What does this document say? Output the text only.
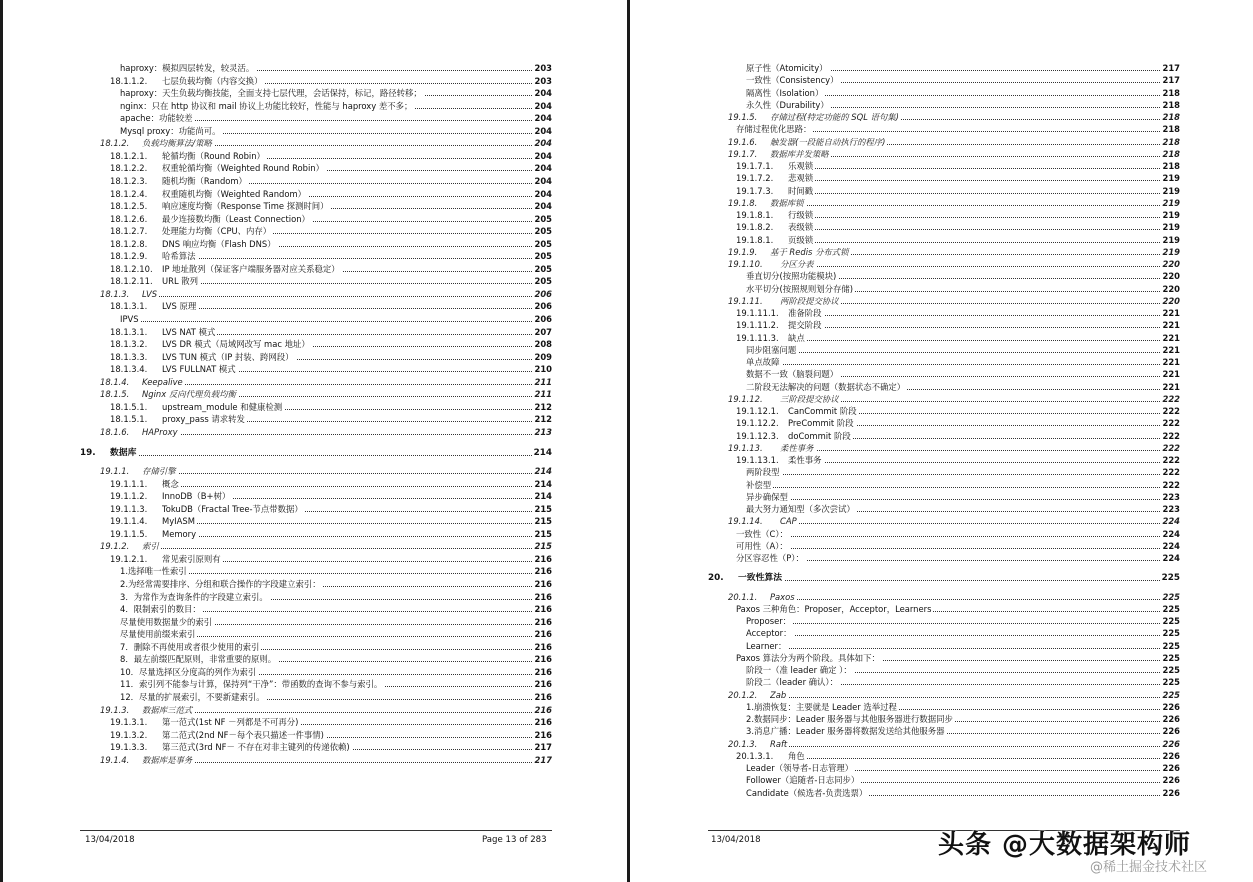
haproxy：模拟四层转发，较灵活。	203
18.1.1.2. 七层负载均衡（内容交换）	203
haproxy：天生负载均衡技能，全面支持七层代理，会话保持，标记，路径转移；	204
nginx：只在 http 协议和 mail 协议上功能比较好，性能与 haproxy 差不多；	204
apache：功能较差	204
Mysql proxy：功能尚可。	204
18.1.2. 负载均衡算法/策略	204
18.1.2.1. 轮循均衡（Round Robin）	204
18.1.2.2. 权重轮循均衡（Weighted Round Robin）	204
18.1.2.3. 随机均衡（Random）	204
18.1.2.4. 权重随机均衡（Weighted Random）	204
18.1.2.5. 响应速度均衡（Response Time 探测时间）	204
18.1.2.6. 最少连接数均衡（Least Connection）	205
18.1.2.7. 处理能力均衡（CPU、内存）	205
18.1.2.8. DNS 响应均衡（Flash DNS）	205
18.1.2.9. 哈希算法	205
18.1.2.10. IP 地址散列（保证客户端服务器对应关系稳定）	205
18.1.2.11. URL 散列	205
18.1.3. LVS	206
18.1.3.1. LVS 原理	206
IPVS	206
18.1.3.1. LVS NAT 模式	207
18.1.3.2. LVS DR 模式（局域网改写 mac 地址）	208
18.1.3.3. LVS TUN 模式（IP 封装、跨网段）	209
18.1.3.4. LVS FULLNAT 模式	210
18.1.4. Keepalive	211
18.1.5. Nginx 反向代理负载均衡	211
18.1.5.1. upstream_module 和健康检测	212
18.1.5.1. proxy_pass 请求转发	212
18.1.6. HAProxy	213
19. 数据库	214
19.1.1. 存储引擎	214
19.1.1.1. 概念	214
19.1.1.2. InnoDB（B+树）	214
19.1.1.3. TokuDB（Fractal Tree-节点带数据）	215
19.1.1.4. MyIASM	215
19.1.1.5. Memory	215
19.1.2. 索引	215
19.1.2.1. 常见索引原则有	216
1.选择唯一性索引	216
2.为经常需要排序、分组和联合操作的字段建立索引：	216
3．为常作为查询条件的字段建立索引。	216
4．限制索引的数目：	216
尽量使用数据量少的索引	216
尽量使用前缀来索引	216
7．删除不再使用或者很少使用的索引	216
8．最左前缀匹配原则，非常重要的原则。	216
10．尽量选择区分度高的列作为索引	216
11．索引列不能参与计算，保持列“干净”：带函数的查询不参与索引。	216
12．尽量的扩展索引，不要新建索引。	216
19.1.3. 数据库三范式	216
19.1.3.1. 第一范式(1st NF －列都是不可再分)	216
19.1.3.2. 第二范式(2nd NF－每个表只描述一件事情)	216
19.1.3.3. 第三范式(3rd NF－ 不存在对非主键列的传递依赖)	217
19.1.4. 数据库是事务	217
13/04/2018	Page 13 of 283
原子性（Atomicity）	217
一致性（Consistency）	217
隔离性（Isolation）	218
永久性（Durability）	218
19.1.5. 存储过程(特定功能的 SQL 语句集)	218
存储过程优化思路：	218
19.1.6. 触发器(一段能自动执行的程序)	218
19.1.7. 数据库并发策略	218
19.1.7.1. 乐观锁	218
19.1.7.2. 悲观锁	219
19.1.7.3. 时间戳	219
19.1.8. 数据库锁	219
19.1.8.1. 行级锁	219
19.1.8.2. 表级锁	219
19.1.8.1. 页级锁	219
19.1.9. 基于 Redis 分布式锁	219
19.1.10. 分区分表	220
垂直切分(按照功能模块)	220
水平切分(按照规则划分存储)	220
19.1.11. 两阶段提交协议	220
19.1.11.1. 准备阶段	221
19.1.11.2. 提交阶段	221
19.1.11.3. 缺点	221
同步阻塞问题	221
单点故障	221
数据不一致（脑裂问题）	221
二阶段无法解决的问题（数据状态不确定）	221
19.1.12. 三阶段提交协议	222
19.1.12.1. CanCommit 阶段	222
19.1.12.2. PreCommit 阶段	222
19.1.12.3. doCommit 阶段	222
19.1.13. 柔性事务	222
19.1.13.1. 柔性事务	222
两阶段型	222
补偿型	222
异步确保型	223
最大努力通知型（多次尝试）	223
19.1.14. CAP	224
一致性（C）：	224
可用性（A）：	224
分区容忍性（P）：	224
20. 一致性算法	225
20.1.1. Paxos	225
Paxos 三种角色：Proposer，Acceptor，Learners	225
Proposer：	225
Acceptor：	225
Learner：	225
Paxos 算法分为两个阶段。具体如下：	225
阶段一（准 leader 确定 ）：	225
阶段二（leader 确认）：	225
20.1.2. Zab	225
1.崩溃恢复：主要就是 Leader 选举过程	226
2.数据同步：Leader 服务器与其他服务器进行数据同步	226
3.消息广播：Leader 服务器将数据发送给其他服务器	226
20.1.3. Raft	226
20.1.3.1. 角色	226
Leader（领导者-日志管理）	226
Follower（追随者-日志同步）	226
Candidate（候选者-负责选票）	226
13/04/2018	头条 @大数据架构师
@稀土掘金技术社区
